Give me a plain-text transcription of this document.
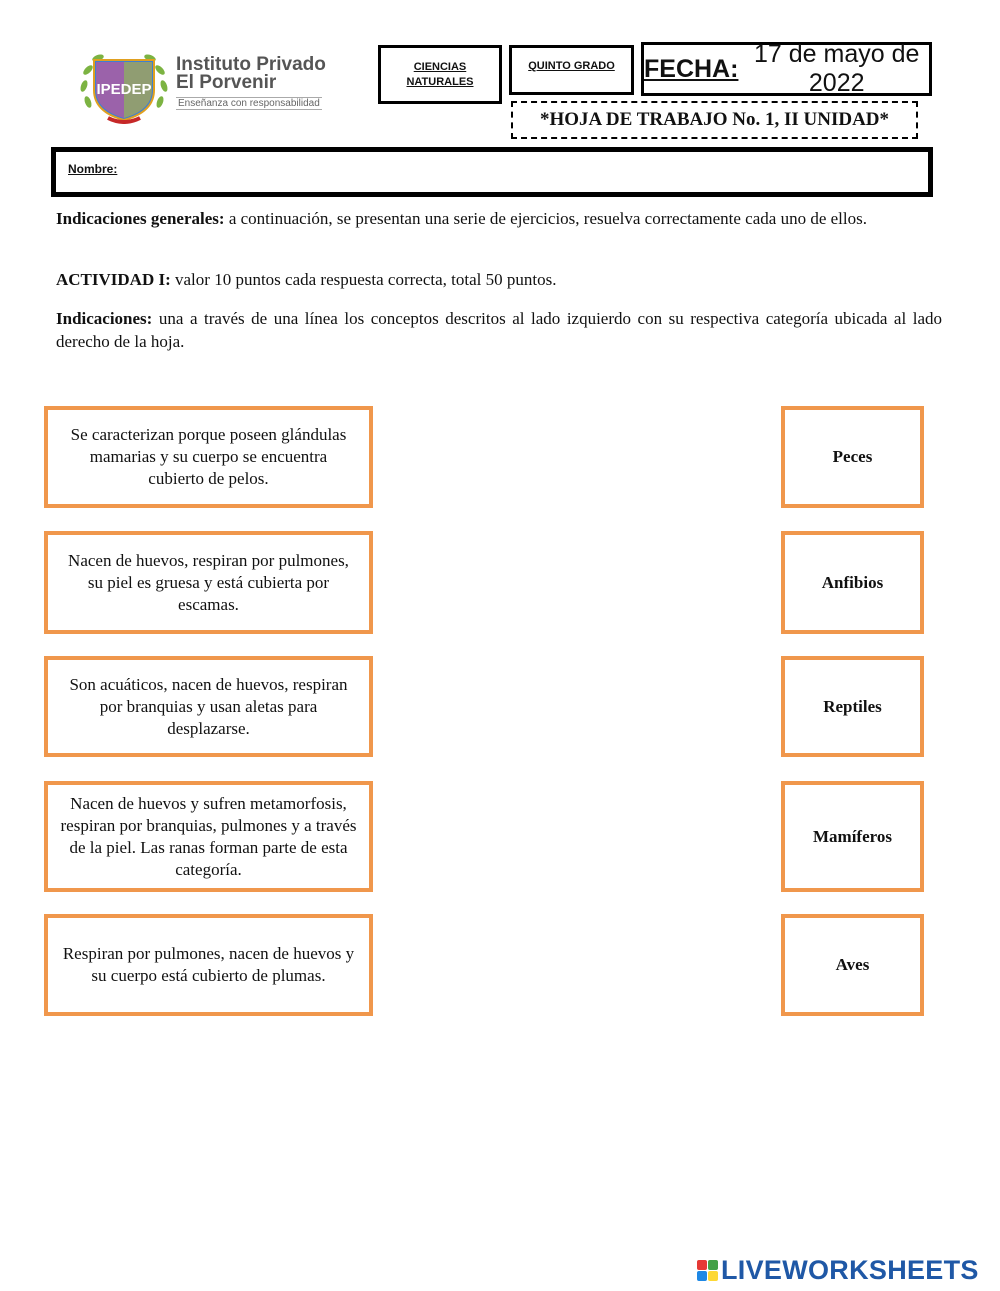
IPEDEP
Instituto Privado
El Porvenir
Enseñanza con responsabilidad
CIENCIAS
NATURALES
QUINTO GRADO	FECHA:
17 de mayo de 2022
*HOJA DE TRABAJO No. 1, II UNIDAD*
Nombre:
Indicaciones generales: a continuación, se presentan una serie de ejercicios, resuelva correctamente cada uno de ellos.
ACTIVIDAD I: valor 10 puntos cada respuesta correcta, total 50 puntos.
Indicaciones: una a través de una línea los conceptos descritos al lado izquierdo con su respectiva categoría ubicada al lado derecho de la hoja.
Se caracterizan porque poseen glándulas mamarias y su cuerpo se encuentra cubierto de pelos.
Nacen de huevos, respiran por pulmones, su piel es gruesa y está cubierta por escamas.
Son acuáticos, nacen de huevos, respiran por branquias y usan aletas para desplazarse.
Nacen de huevos y sufren metamorfosis, respiran por branquias, pulmones y a través de la piel. Las ranas forman parte de esta categoría.
Respiran por pulmones, nacen de huevos y su cuerpo está cubierto de plumas.
Peces
Anfibios
Reptiles
Mamíferos
Aves
LIVEWORKSHEETS
